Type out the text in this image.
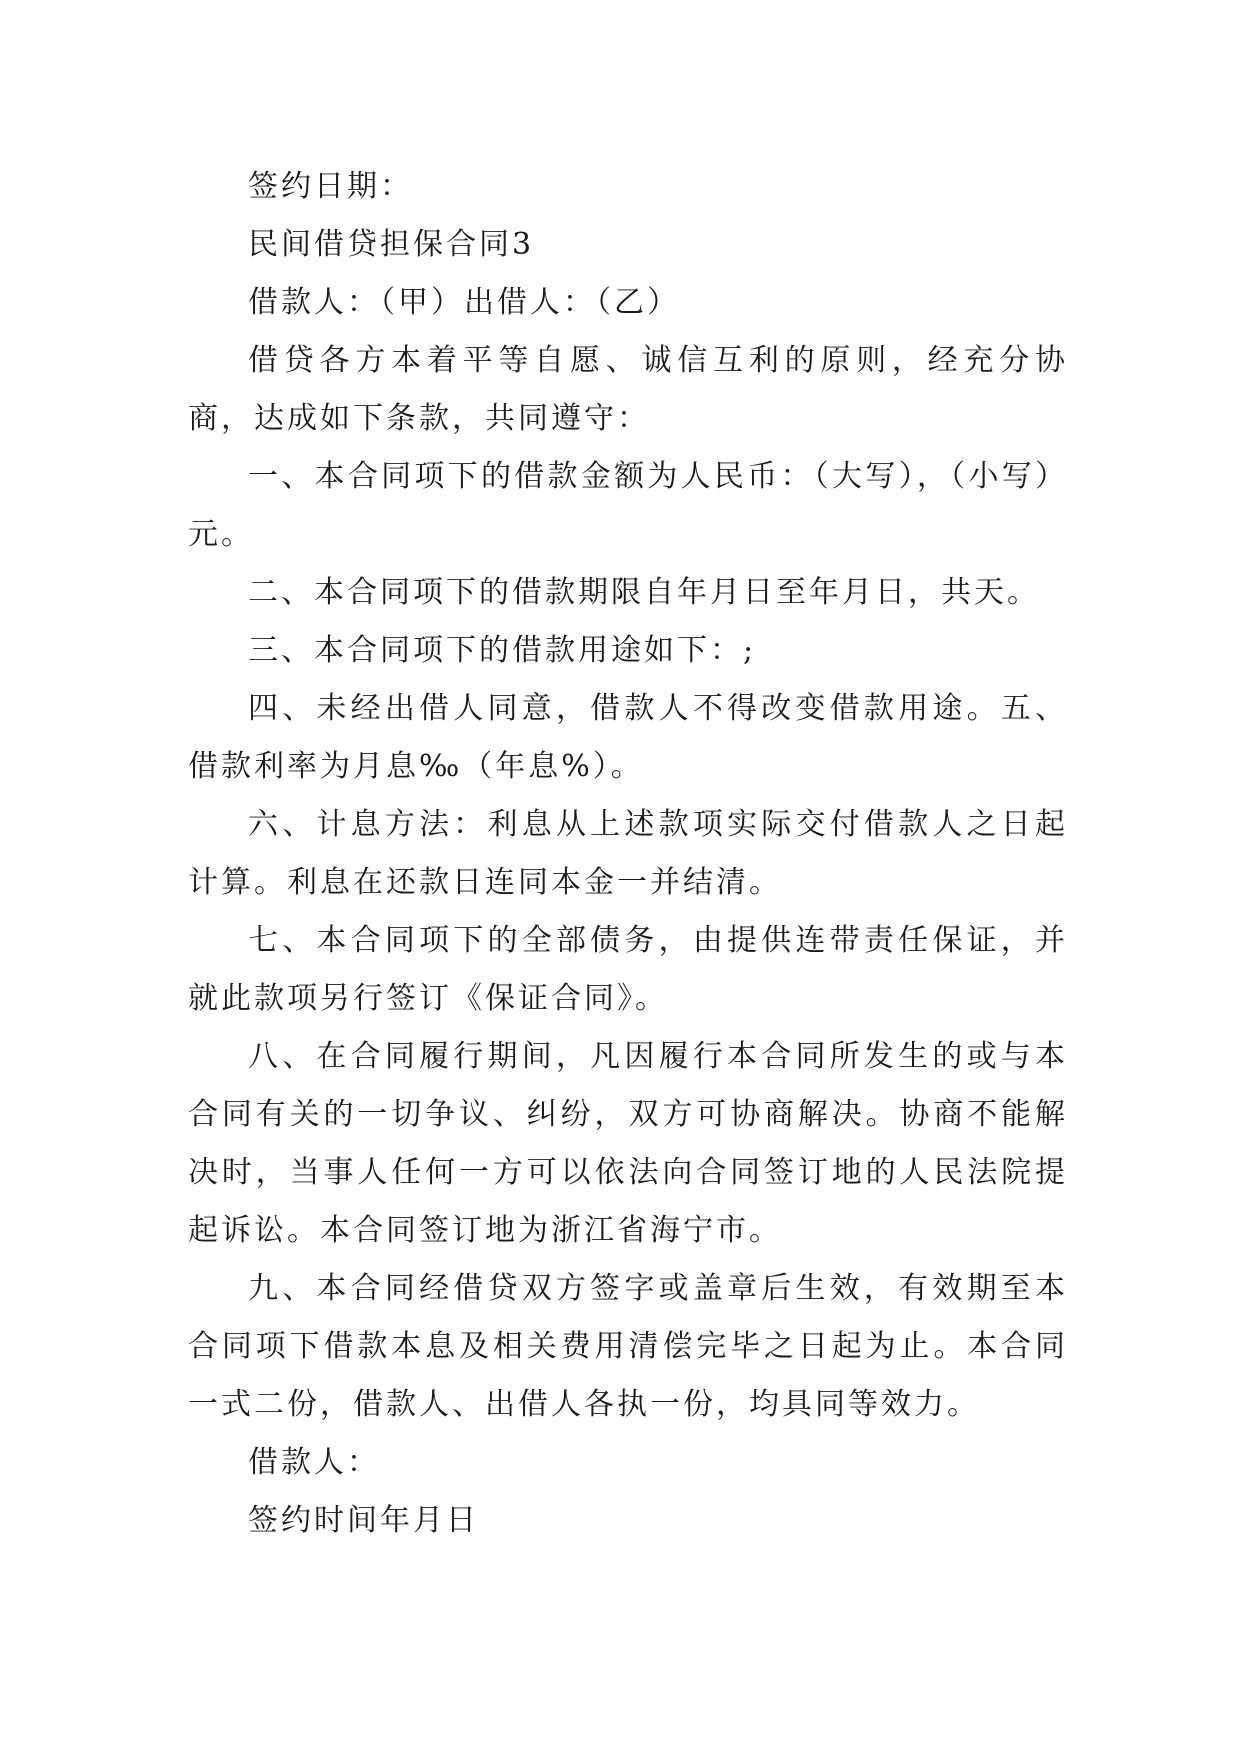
签约日期：

民间借贷担保合同3

借款人：（甲）出借人：（乙）

借贷各方本着平等自愿、诚信互利的原则，经充分协商，达成如下条款，共同遵守：

一、本合同项下的借款金额为人民币：（大写），（小写）元。

二、本合同项下的借款期限自年月日至年月日，共天。

三、本合同项下的借款用途如下：;

四、未经出借人同意，借款人不得改变借款用途。五、借款利率为月息‰（年息%）。

六、计息方法：利息从上述款项实际交付借款人之日起计算。利息在还款日连同本金一并结清。

七、本合同项下的全部债务，由提供连带责任保证，并就此款项另行签订《保证合同》。

八、在合同履行期间，凡因履行本合同所发生的或与本合同有关的一切争议、纠纷，双方可协商解决。协商不能解决时，当事人任何一方可以依法向合同签订地的人民法院提起诉讼。本合同签订地为浙江省海宁市。

九、本合同经借贷双方签字或盖章后生效，有效期至本合同项下借款本息及相关费用清偿完毕之日起为止。本合同一式二份，借款人、出借人各执一份，均具同等效力。

借款人：

签约时间年月日
